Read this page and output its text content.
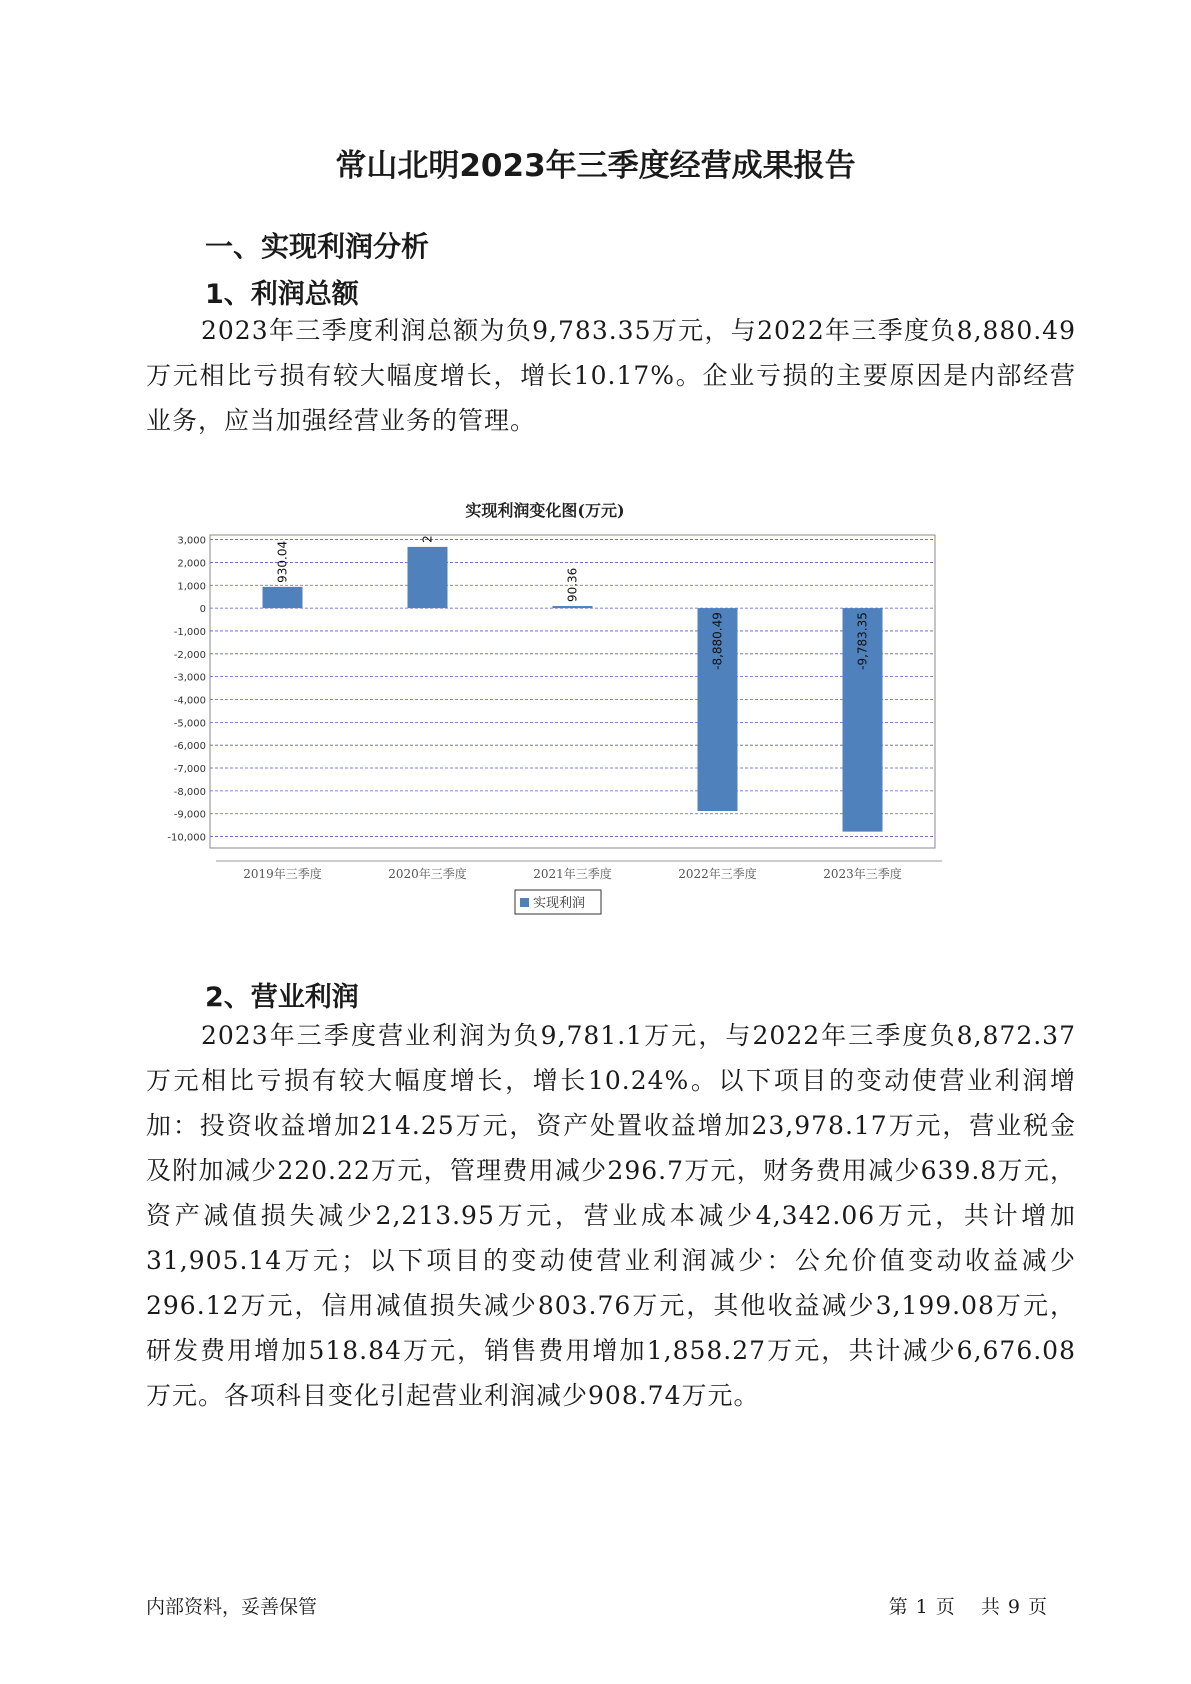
常山北明2023年三季度经营成果报告
一、实现利润分析
1、利润总额

2023年三季度利润总额为负9,783.35万元，与2022年三季度负8,880.49万元相比亏损有较大幅度增长，增长10.17%。企业亏损的主要原因是内部经营业务，应当加强经营业务的管理。

3,000
2,000
1,000
0
-1,000
-2,000
-3,000
-4,000
-5,000
-6,000
-7,000
-8,000
-9,000
-10,000
930.04
2019年三季度
2
2020年三季度
90.36
2021年三季度
-8,880.49
2022年三季度
-9,783.35
2023年三季度
实现利润
实现利润变化图(万元)
2、营业利润

2023年三季度营业利润为负9,781.1万元，与2022年三季度负8,872.37万元相比亏损有较大幅度增长，增长10.24%。以下项目的变动使营业利润增加：投资收益增加214.25万元，资产处置收益增加23,978.17万元，营业税金及附加减少220.22万元，管理费用减少296.7万元，财务费用减少639.8万元，资产减值损失减少2,213.95万元，营业成本减少4,342.06万元，共计增加31,905.14万元；以下项目的变动使营业利润减少：公允价值变动收益减少296.12万元，信用减值损失减少803.76万元，其他收益减少3,199.08万元，研发费用增加518.84万元，销售费用增加1,858.27万元，共计减少6,676.08万元。各项科目变化引起营业利润减少908.74万元。

内部资料，妥善保管	第 1 页 共 9 页
